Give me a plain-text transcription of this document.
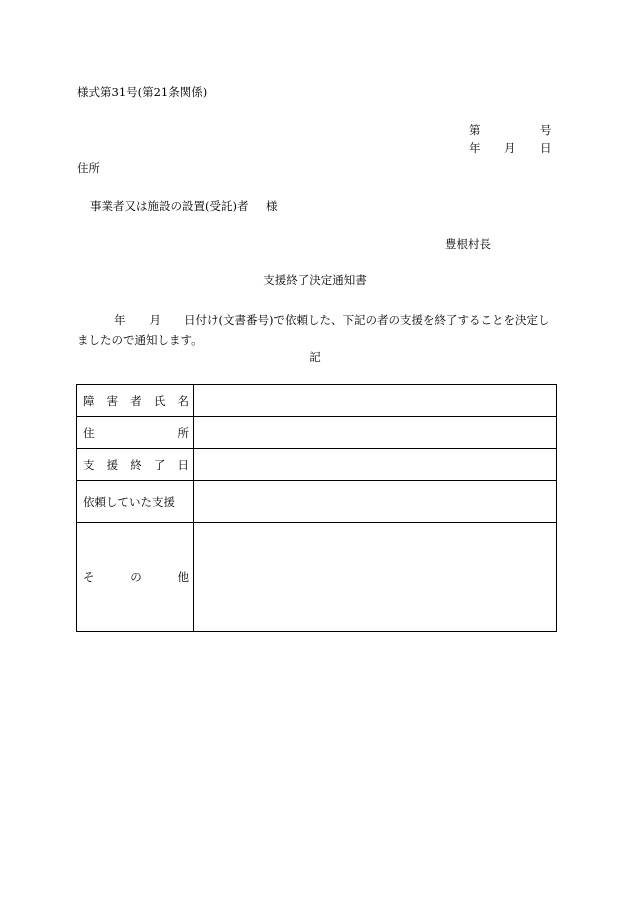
様式第31号(第21条関係)
第	号
年 月 日
住所
事業者又は施設の設置(受託)者 様
豊根村長
支援終了決定通知書
年 月 日付け(文書番号)で依頼した、下記の者の支援を終了することを決定しましたので通知します。
記
障 害 者 氏 名	

住 所	

支 援 終 了 日	

依頼していた支援	

そ の 他	
